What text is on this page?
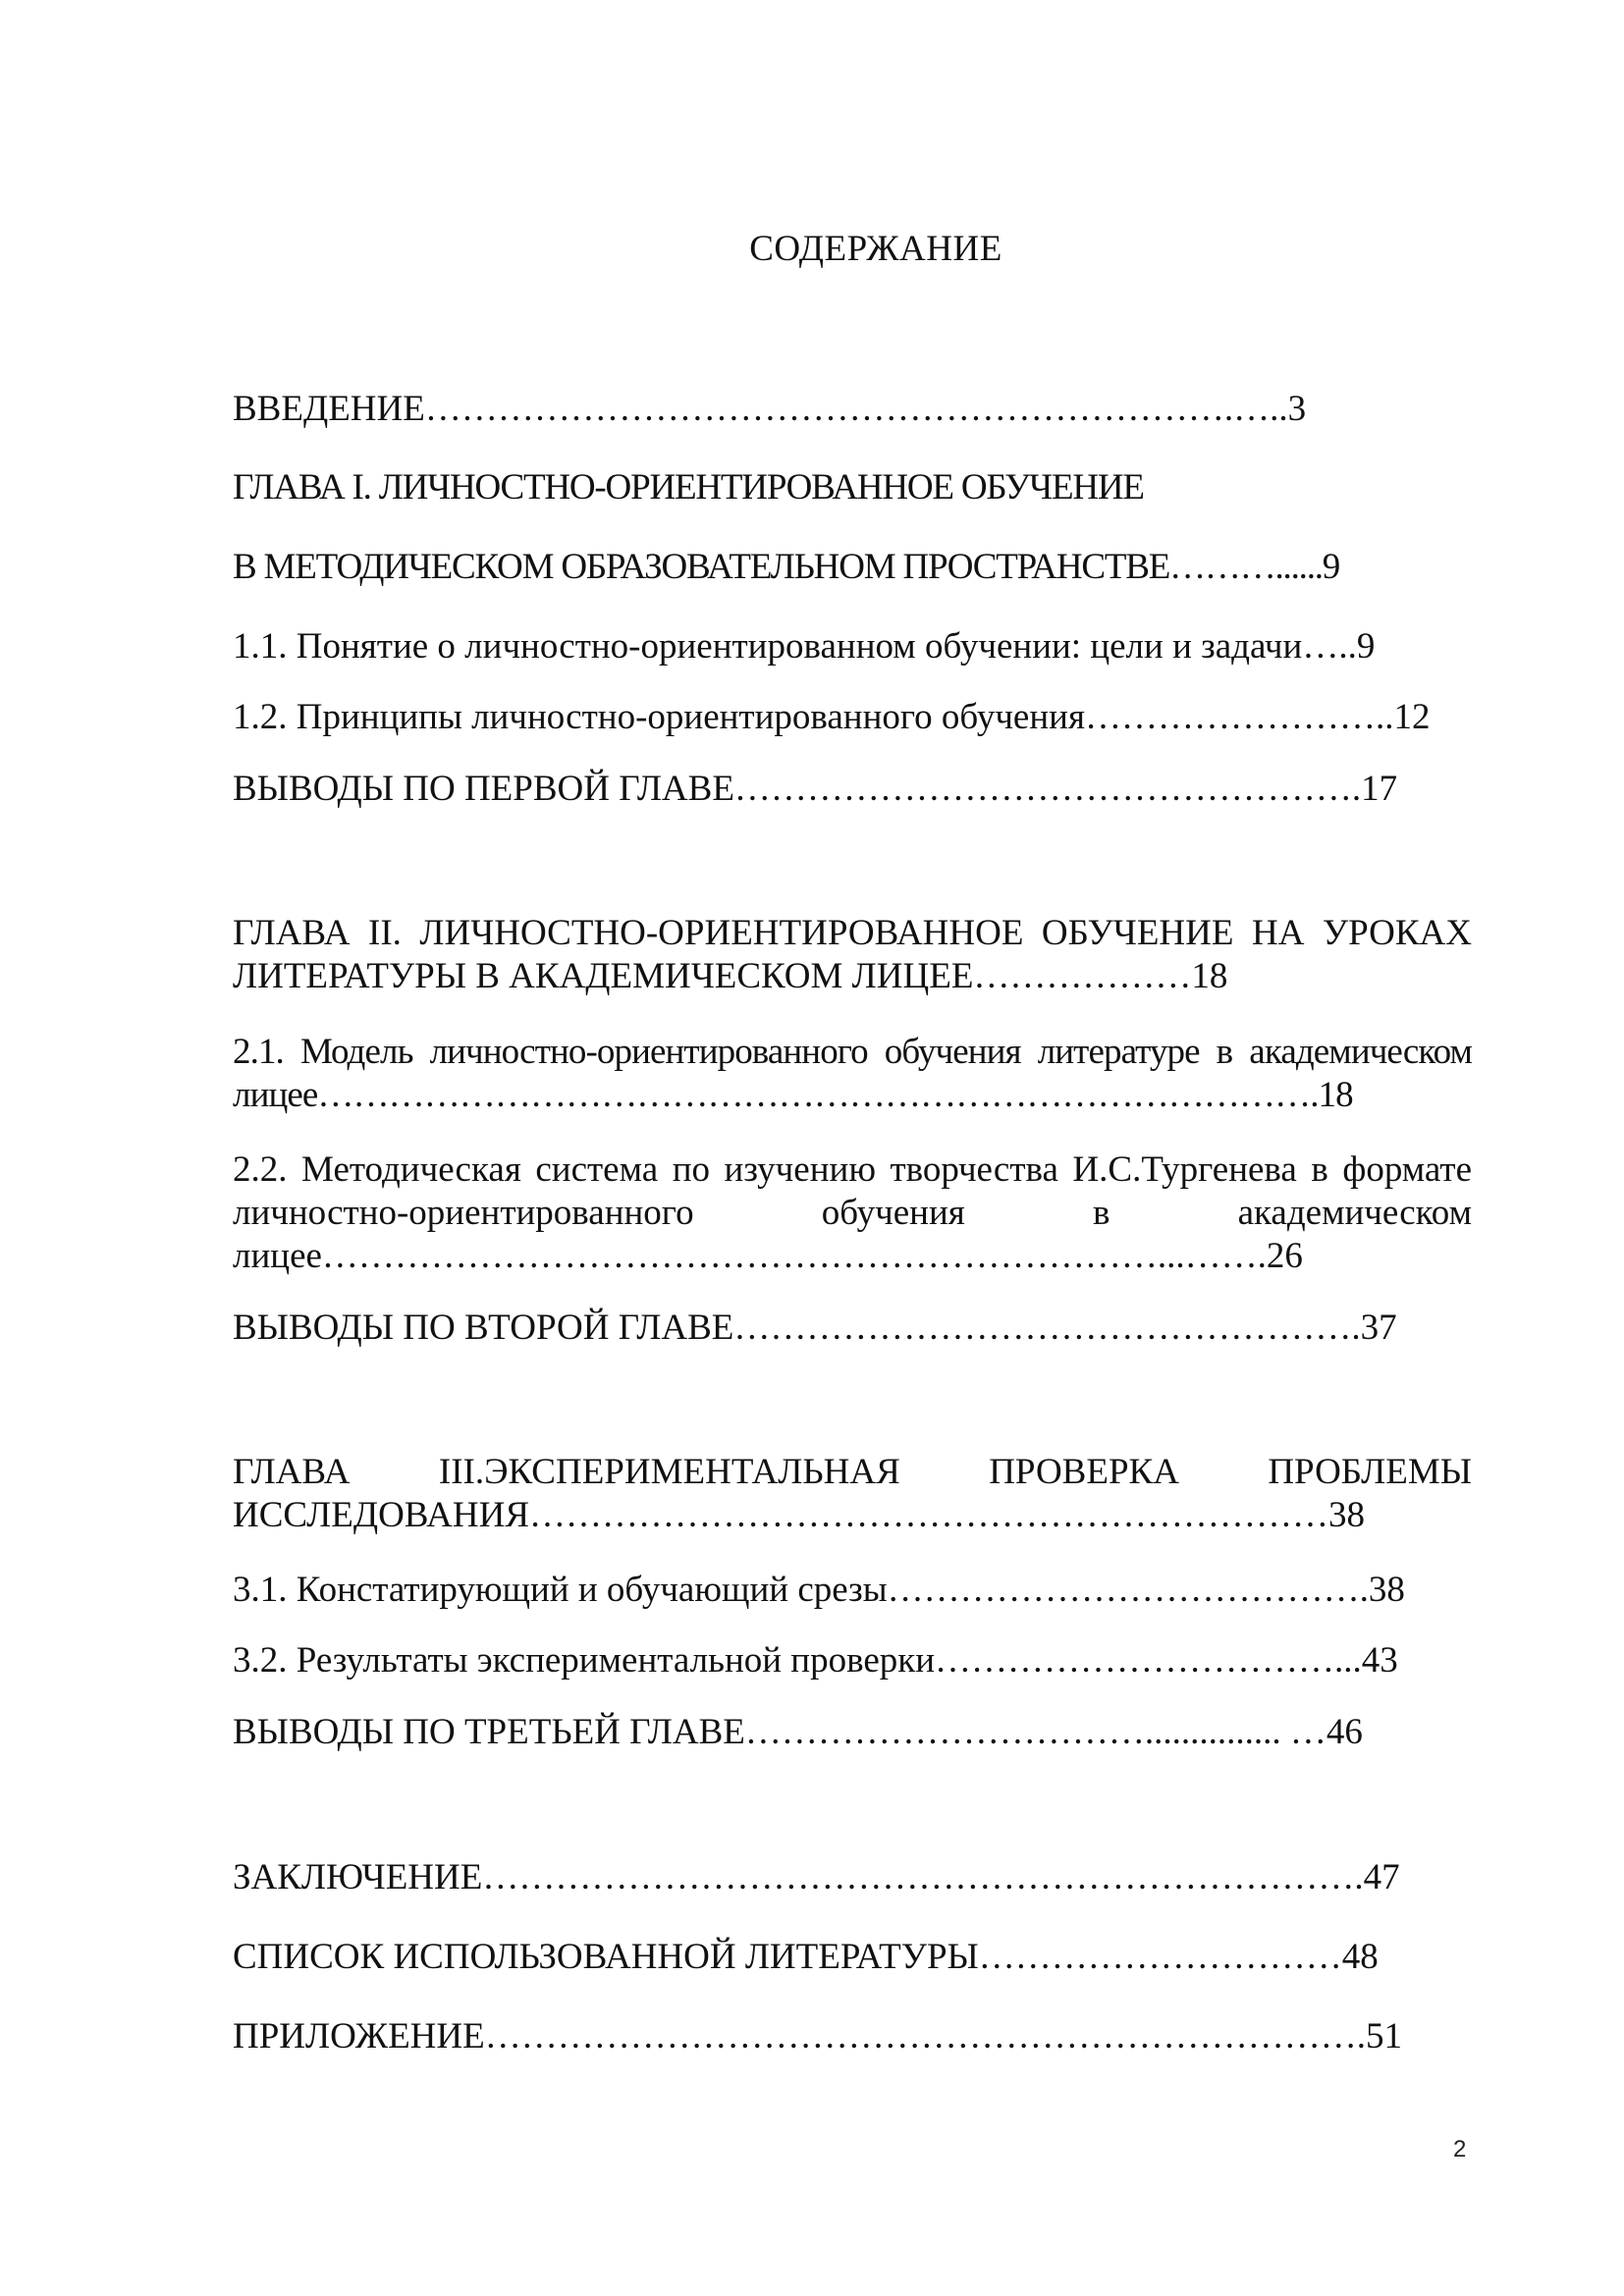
СОДЕРЖАНИЕ
ВВЕДЕНИЕ………………………………………………………….…..3
ГЛАВА I. ЛИЧНОСТНО-ОРИЕНТИРОВАННОЕ ОБУЧЕНИЕ
В МЕТОДИЧЕСКОМ ОБРАЗОВАТЕЛЬНОМ ПРОСТРАНСТВЕ………......9
1.1. Понятие о личностно-ориентированном обучении: цели и задачи…..9
1.2. Принципы личностно-ориентированного обучения……………………..12
ВЫВОДЫ ПО ПЕРВОЙ ГЛАВЕ…………………………………………….17
ГЛАВА II. ЛИЧНОСТНО-ОРИЕНТИРОВАННОЕ ОБУЧЕНИЕ НА УРОКАХ ЛИТЕРАТУРЫ В АКАДЕМИЧЕСКОМ ЛИЦЕЕ………………18
2.1. Модель личностно-ориентированного обучения литературе в академическом лицее………………………………………………………………………….18
2.2. Методическая система по изучению творчества И.С.Тургенева в формате личностно-ориентированного обучения в академическом лицее……………………………………………………………...…….26
ВЫВОДЫ ПО ВТОРОЙ ГЛАВЕ…………………………………………….37
ГЛАВА III.ЭКСПЕРИМЕНТАЛЬНАЯ ПРОВЕРКА ПРОБЛЕМЫ ИССЛЕДОВАНИЯ…………………………………………………………38
3.1. Констатирующий и обучающий срезы………………………………….38
3.2. Результаты экспериментальной проверки……………………………...43
ВЫВОДЫ ПО ТРЕТЬЕЙ ГЛАВЕ……………………………............... …46
ЗАКЛЮЧЕНИЕ……………………………………………………………….47
СПИСОК ИСПОЛЬЗОВАННОЙ ЛИТЕРАТУРЫ…………………………48
ПРИЛОЖЕНИЕ……………………………………………………………….51
2
